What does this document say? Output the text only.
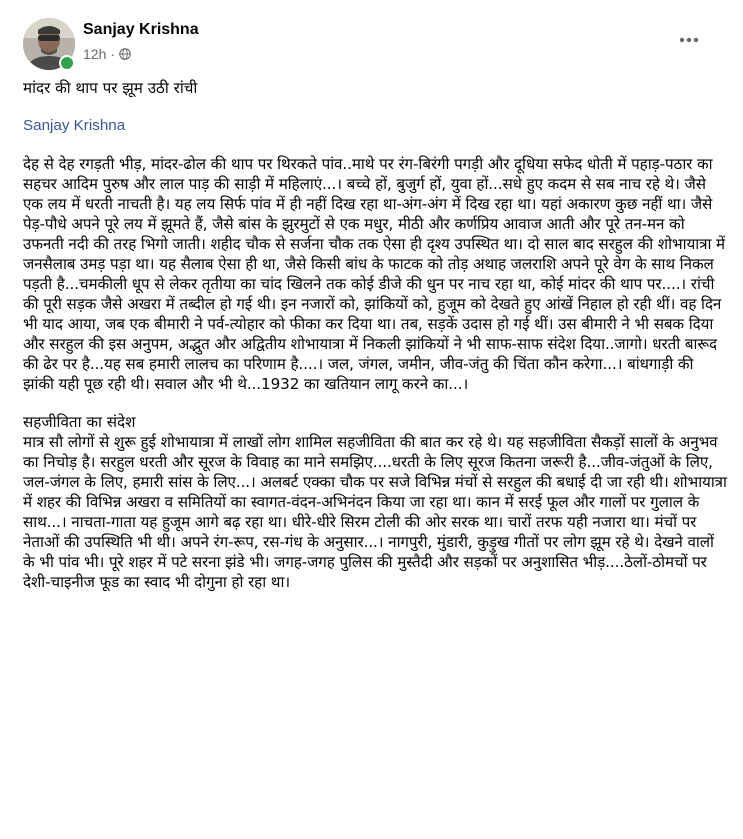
Sanjay Krishna
12h ·

मांदर की थाप पर झूम उठी रांची

Sanjay Krishna

देह से देह रगड़ती भीड़, मांदर-ढोल की थाप पर थिरकते पांव..माथे पर रंग-बिरंगी पगड़ी और दूधिया सफेद धोती में पहाड़-पठार का सहचर आदिम पुरुष और लाल पाड़ की साड़ी में महिलाएं...। बच्चे हों, बुजुर्ग हों, युवा हों...सधे हुए कदम से सब नाच रहे थे। जैसे एक लय में धरती नाचती है। यह लय सिर्फ पांव में ही नहीं दिख रहा था-अंग-अंग में दिख रहा था। यहां अकारण कुछ नहीं था। जैसे पेड़-पौधे अपने पूरे लय में झूमते हैं, जैसे बांस के झुरमुटों से एक मधुर, मीठी और कर्णप्रिय आवाज आती और पूरे तन-मन को उफनती नदी की तरह भिगो जाती। शहीद चौक से सर्जना चौक तक ऐसा ही दृश्य उपस्थित था। दो साल बाद सरहुल की शोभायात्रा में जनसैलाब उमड़ पड़ा था। यह सैलाब ऐसा ही था, जैसे किसी बांध के फाटक को तोड़ अथाह जलराशि अपने पूरे वेग के साथ निकल पड़ती है...चमकीली धूप से लेकर तृतीया का चांद खिलने तक कोई डीजे की धुन पर नाच रहा था, कोई मांदर की थाप पर....। रांची की पूरी सड़क जैसे अखरा में तब्दील हो गई थी। इन नजारों को, झांकियों को, हुजूम को देखते हुए आंखें निहाल हो रही थीं। वह दिन भी याद आया, जब एक बीमारी ने पर्व-त्योहार को फीका कर दिया था। तब, सड़कें उदास हो गई थीं। उस बीमारी ने भी सबक दिया और सरहुल की इस अनुपम, अद्भुत और अद्वितीय शोभायात्रा में निकली झांकियों ने भी साफ-साफ संदेश दिया..जागो। धरती बारूद की ढेर पर है...यह सब हमारी लालच का परिणाम है....। जल, जंगल, जमीन, जीव-जंतु की चिंता कौन करेगा...। बांधगाड़ी की झांकी यही पूछ रही थी। सवाल और भी थे...1932 का खतियान लागू करने का...।

सहजीविता का संदेश

मात्र सौ लोगों से शुरू हुई शोभायात्रा में लाखों लोग शामिल सहजीविता की बात कर रहे थे। यह सहजीविता सैकड़ों सालों के अनुभव का निचोड़ है। सरहुल धरती और सूरज के विवाह का माने समझिए....धरती के लिए सूरज कितना जरूरी है...जीव-जंतुओं के लिए, जल-जंगल के लिए, हमारी सांस के लिए...। अलबर्ट एक्का चौक पर सजे विभिन्न मंचों से सरहुल की बधाई दी जा रही थी। शोभायात्रा में शहर की विभिन्न अखरा व समितियों का स्वागत-वंदन-अभिनंदन किया जा रहा था। कान में सरई फूल और गालों पर गुलाल के साथ...। नाचता-गाता यह हुजूम आगे बढ़ रहा था। धीरे-धीरे सिरम टोली की ओर सरक था। चारों तरफ यही नजारा था। मंचों पर नेताओं की उपस्थिति भी थी। अपने रंग-रूप, रस-गंध के अनुसार...। नागपुरी, मुंडारी, कुड़ुख गीतों पर लोग झूम रहे थे। देखने वालों के भी पांव भी। पूरे शहर में पटे सरना झंडे भी। जगह-जगह पुलिस की मुस्तैदी और सड़कों पर अनुशासित भीड़....ठेलों-ठोमचों पर देशी-चाइनीज फूड का स्वाद भी दोगुना हो रहा था।
